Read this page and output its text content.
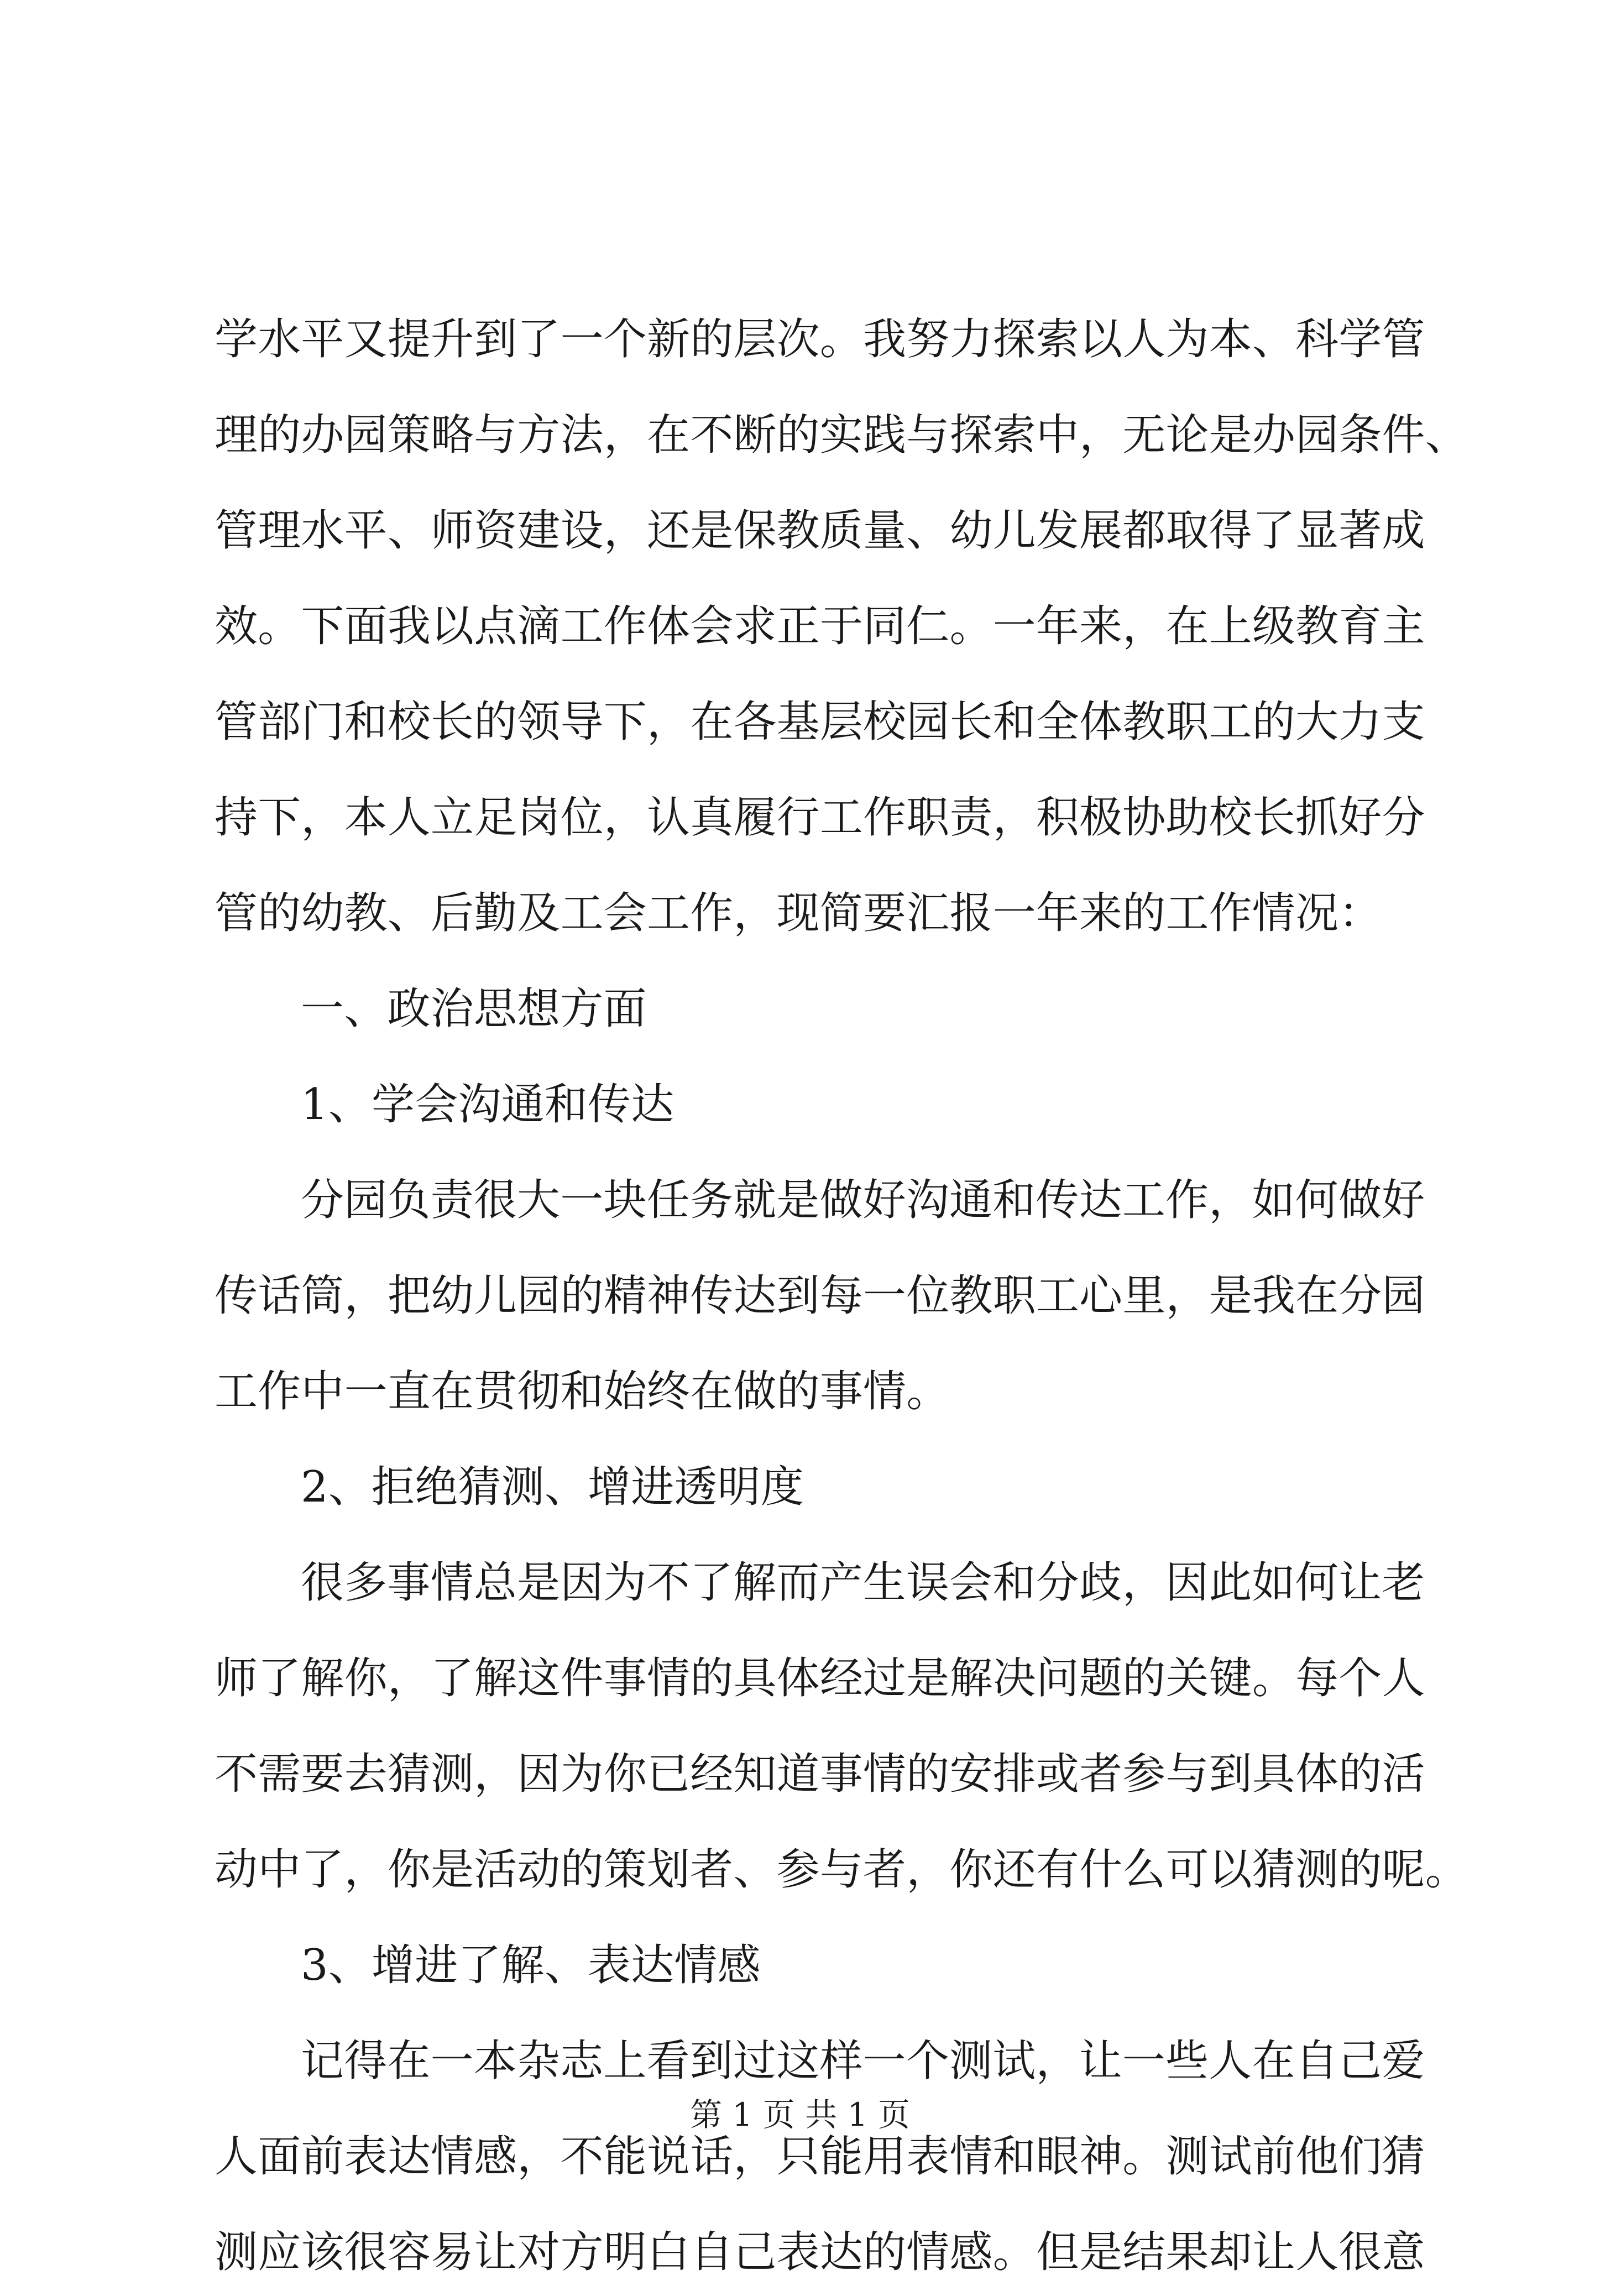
学 水 平 又 提 升 到 了 一 个 新 的 层 次 。 我 努 力 探 索 以 人 为 本 、 科 学 管
理 的 办 园 策 略 与 方 法 ， 在 不 断 的 实 践 与 探 索 中 ， 无 论 是 办 园 条 件 、
管 理 水 平 、 师 资 建 设 ， 还 是 保 教 质 量 、 幼 儿 发 展 都 取 得 了 显 著 成
效 。 下 面 我 以 点 滴 工 作 体 会 求 正 于 同 仁 。 一 年 来 ， 在 上 级 教 育 主
管 部 门 和 校 长 的 领 导 下 ， 在 各 基 层 校 园 长 和 全 体 教 职 工 的 大 力 支
持 下 ， 本 人 立 足 岗 位 ， 认 真 履 行 工 作 职 责 ， 积 极 协 助 校 长 抓 好 分
管的幼教、后勤及工会工作，现简要汇报一年来的工作情况：
一、政治思想方面
1、学会沟通和传达
分 园 负 责 很 大 一 块 任 务 就 是 做 好 沟 通 和 传 达 工 作 ， 如 何 做 好
传 话 筒 ， 把 幼 儿 园 的 精 神 传 达 到 每 一 位 教 职 工 心 里 ， 是 我 在 分 园
工作中一直在贯彻和始终在做的事情。
2、拒绝猜测、增进透明度
很 多 事 情 总 是 因 为 不 了 解 而 产 生 误 会 和 分 歧 ， 因 此 如 何 让 老
师 了 解 你 ， 了 解 这 件 事 情 的 具 体 经 过 是 解 决 问 题 的 关 键 。 每 个 人
不 需 要 去 猜 测 ， 因 为 你 已 经 知 道 事 情 的 安 排 或 者 参 与 到 具 体 的 活
动 中 了 ， 你 是 活 动 的 策 划 者 、 参 与 者 ， 你 还 有 什 么 可 以 猜 测 的 呢 。
3、增进了解、表达情感
记 得 在 一 本 杂 志 上 看 到 过 这 样 一 个 测 试 ， 让 一 些 人 在 自 己 爱
人 面 前 表 达 情 感 ， 不 能 说 话 ， 只 能 用 表 情 和 眼 神 。 测 试 前 他 们 猜
测 应 该 很 容 易 让 对 方 明 白 自 己 表 达 的 情 感 。 但 是 结 果 却 让 人 很 意
第 1 页 共 1 页
